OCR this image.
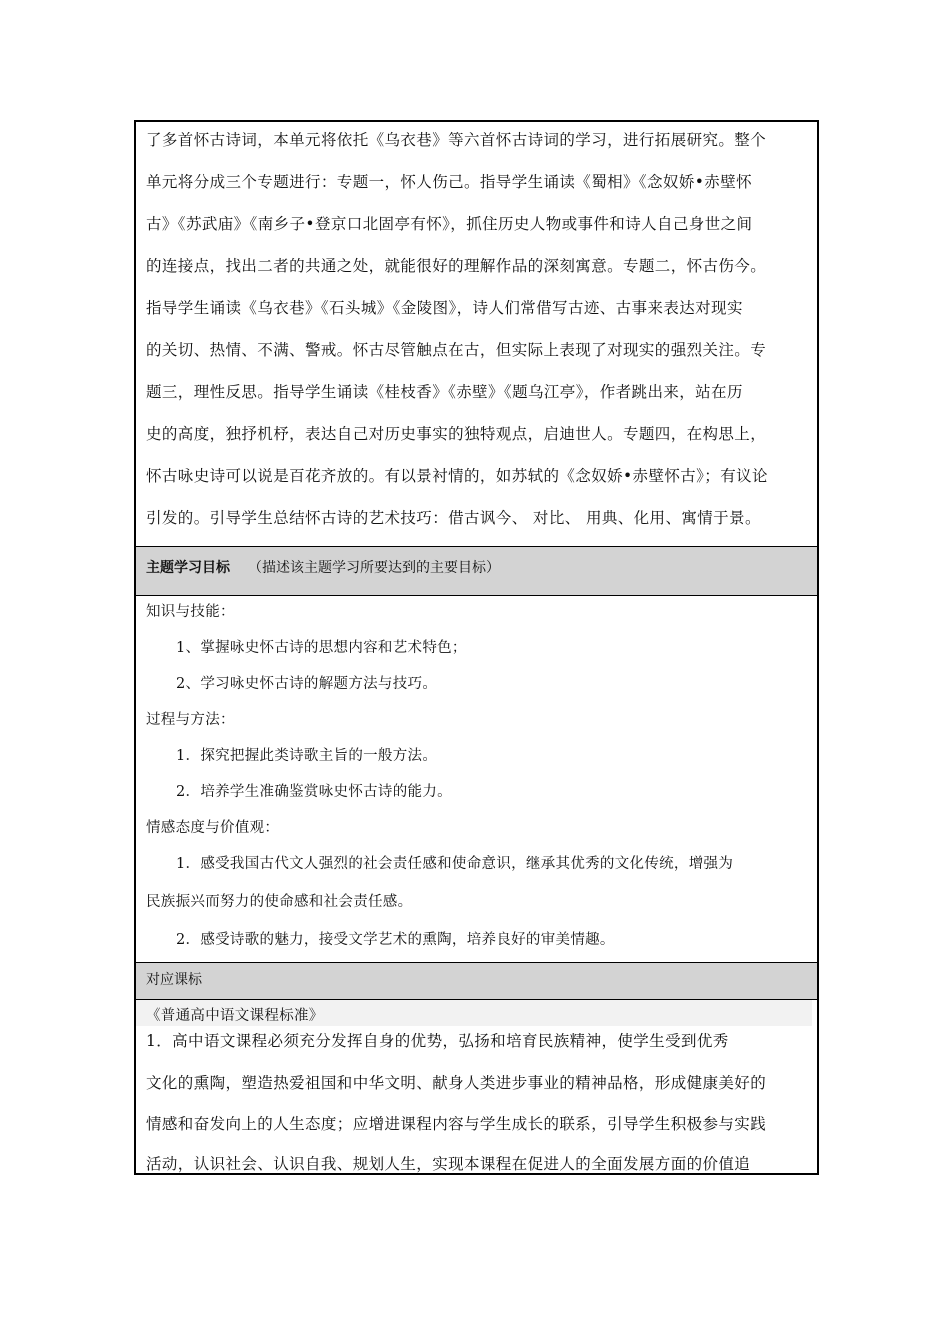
了多首怀古诗词，本单元将依托《乌衣巷》等六首怀古诗词的学习，进行拓展研究。整个

单元将分成三个专题进行：专题一，怀人伤己。指导学生诵读《蜀相》《念奴娇•赤壁怀

古》《苏武庙》《南乡子•登京口北固亭有怀》，抓住历史人物或事件和诗人自己身世之间

的连接点，找出二者的共通之处，就能很好的理解作品的深刻寓意。专题二，怀古伤今。

指导学生诵读《乌衣巷》《石头城》《金陵图》，诗人们常借写古迹、古事来表达对现实

的关切、热情、不满、警戒。怀古尽管触点在古，但实际上表现了对现实的强烈关注。专

题三，理性反思。指导学生诵读《桂枝香》《赤壁》《题乌江亭》，作者跳出来，站在历

史的高度，独抒机杼，表达自己对历史事实的独特观点，启迪世人。专题四，在构思上，

怀古咏史诗可以说是百花齐放的。有以景衬情的，如苏轼的《念奴娇•赤壁怀古》；有议论

引发的。引导学生总结怀古诗的艺术技巧：借古讽今、 对比、 用典、化用、寓情于景。

主题学习目标 （描述该主题学习所要达到的主要目标）

知识与技能：

1、掌握咏史怀古诗的思想内容和艺术特色；

2、学习咏史怀古诗的解题方法与技巧。

过程与方法：

1．探究把握此类诗歌主旨的一般方法。

2．培养学生准确鉴赏咏史怀古诗的能力。

情感态度与价值观：

1．感受我国古代文人强烈的社会责任感和使命意识，继承其优秀的文化传统，增强为

民族振兴而努力的使命感和社会责任感。

2．感受诗歌的魅力，接受文学艺术的熏陶，培养良好的审美情趣。

对应课标

《普通高中语文课程标准》

1．高中语文课程必须充分发挥自身的优势，弘扬和培育民族精神，使学生受到优秀

文化的熏陶，塑造热爱祖国和中华文明、献身人类进步事业的精神品格，形成健康美好的

情感和奋发向上的人生态度；应增进课程内容与学生成长的联系，引导学生积极参与实践

活动，认识社会、认识自我、规划人生，实现本课程在促进人的全面发展方面的价值追
